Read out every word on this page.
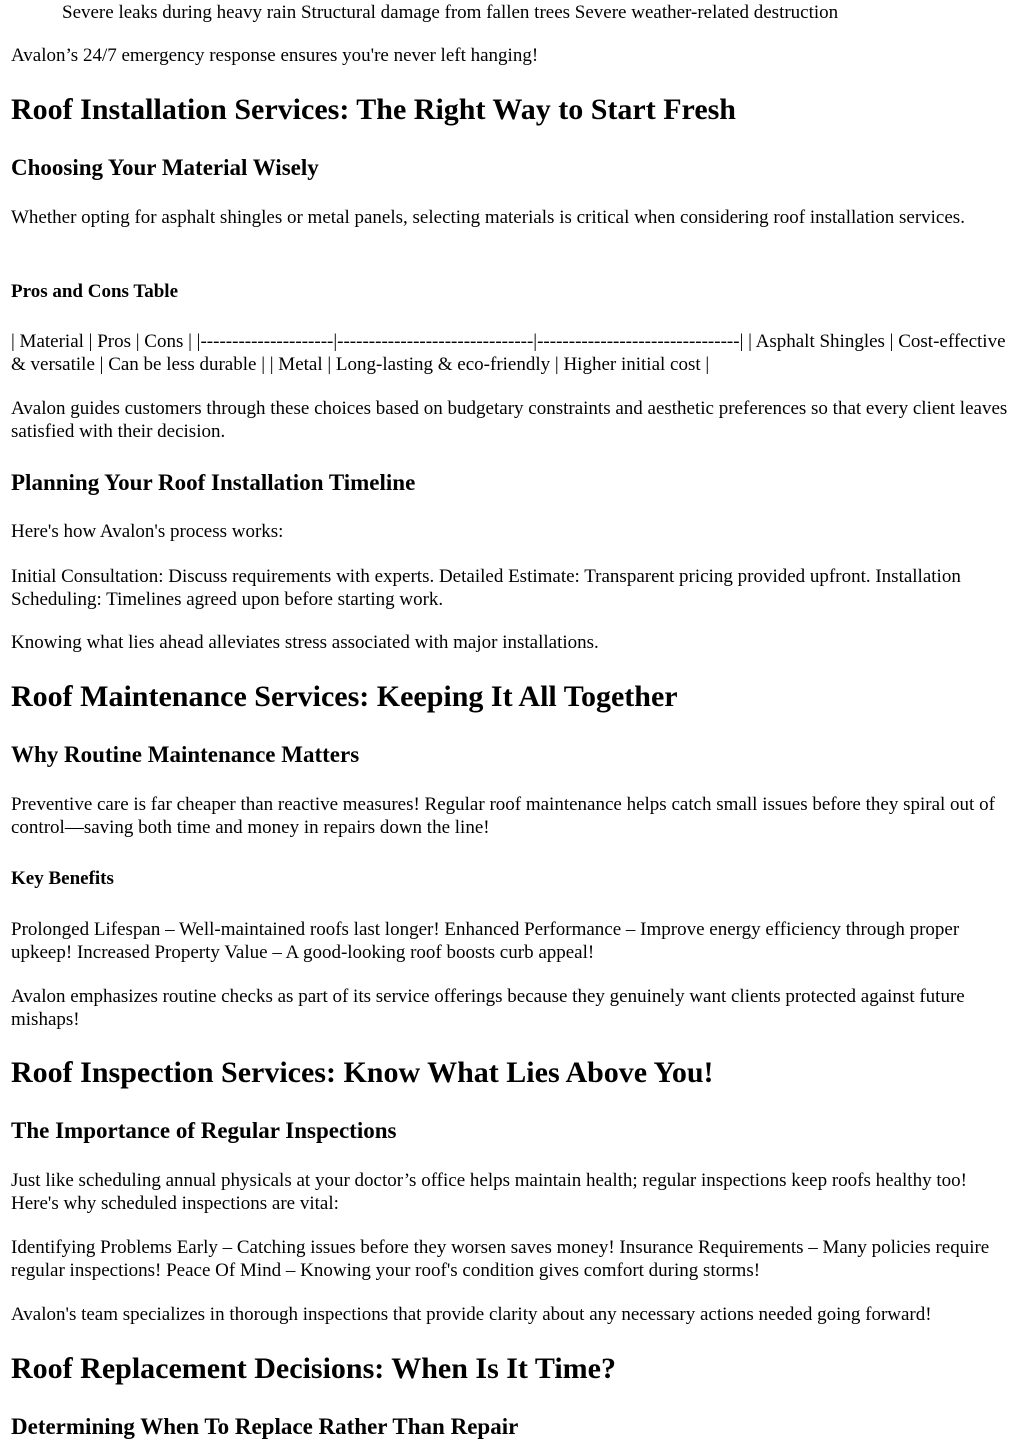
Severe leaks during heavy rain Structural damage from fallen trees Severe weather-related destruction

Avalon’s 24/7 emergency response ensures you're never left hanging!

Roof Installation Services: The Right Way to Start Fresh
Choosing Your Material Wisely

Whether opting for asphalt shingles or metal panels, selecting materials is critical when considering roof installation services.

Pros and Cons Table

| Material | Pros | Cons | |---------------------|-------------------------------|--------------------------------| | Asphalt Shingles | Cost-effective & versatile | Can be less durable | | Metal | Long-lasting & eco-friendly | Higher initial cost |

Avalon guides customers through these choices based on budgetary constraints and aesthetic preferences so that every client leaves satisfied with their decision.

Planning Your Roof Installation Timeline

Here's how Avalon's process works:

Initial Consultation: Discuss requirements with experts. Detailed Estimate: Transparent pricing provided upfront. Installation Scheduling: Timelines agreed upon before starting work.

Knowing what lies ahead alleviates stress associated with major installations.

Roof Maintenance Services: Keeping It All Together
Why Routine Maintenance Matters

Preventive care is far cheaper than reactive measures! Regular roof maintenance helps catch small issues before they spiral out of control—saving both time and money in repairs down the line!

Key Benefits

Prolonged Lifespan – Well-maintained roofs last longer! Enhanced Performance – Improve energy efficiency through proper upkeep! Increased Property Value – A good-looking roof boosts curb appeal!

Avalon emphasizes routine checks as part of its service offerings because they genuinely want clients protected against future mishaps!

Roof Inspection Services: Know What Lies Above You!
The Importance of Regular Inspections

Just like scheduling annual physicals at your doctor’s office helps maintain health; regular inspections keep roofs healthy too! Here's why scheduled inspections are vital:

Identifying Problems Early – Catching issues before they worsen saves money! Insurance Requirements – Many policies require regular inspections! Peace Of Mind – Knowing your roof's condition gives comfort during storms!

Avalon's team specializes in thorough inspections that provide clarity about any necessary actions needed going forward!

Roof Replacement Decisions: When Is It Time?
Determining When To Replace Rather Than Repair
